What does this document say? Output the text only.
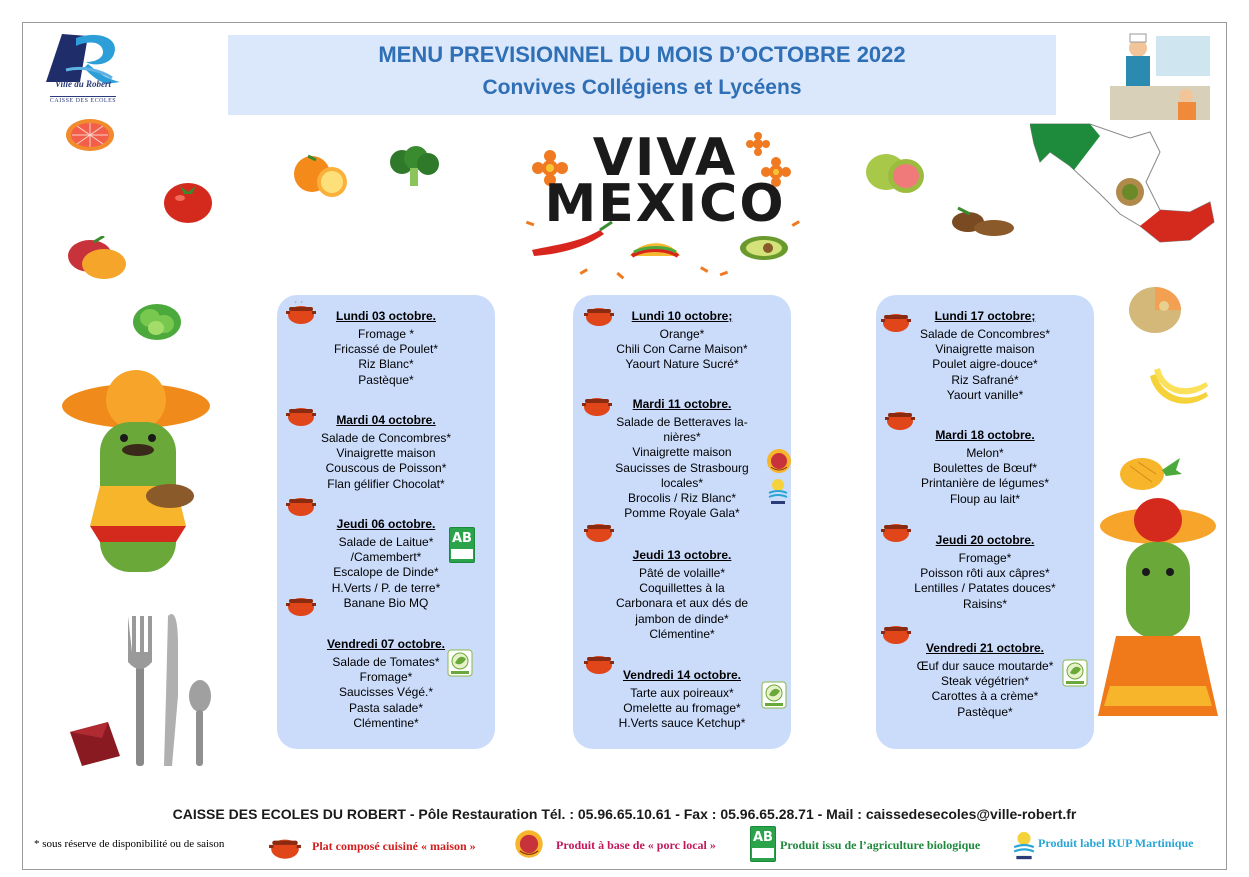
Ville du Robert
CAISSE DES ECOLES
MENU PREVISIONNEL DU MOIS D’OCTOBRE 2022
Convives Collégiens et Lycéens
VIVA
MEXICO
Lundi 03 octobre.
Fromage *
Fricassé de Poulet*
Riz Blanc*
Pastèque*
Mardi 04 octobre.
Salade de Concombres*
Vinaigrette maison
Couscous de Poisson*
Flan gélifier Chocolat*
Jeudi 06 octobre.
Salade de Laitue*
/Camembert*
Escalope de Dinde*
H.Verts / P. de terre*
Banane Bio MQ
AB
Vendredi 07 octobre.
Salade de Tomates*
Fromage*
Saucisses Végé.*
Pasta salade*
Clémentine*
Lundi 10 octobre;
Orange*
Chili Con Carne Maison*
Yaourt Nature Sucré*
Mardi 11 octobre.
Salade de Betteraves la-
nières*
Vinaigrette maison
Saucisses de Strasbourg
locales*
Brocolis / Riz Blanc*
Pomme Royale Gala*
Jeudi 13 octobre.
Pâté de volaille*
Coquillettes à la
Carbonara et aux dés de
jambon de dinde*
Clémentine*
Vendredi 14 octobre.
Tarte aux poireaux*
Omelette au fromage*
H.Verts sauce Ketchup*
Lundi 17 octobre;
Salade de Concombres*
Vinaigrette maison
Poulet aigre-douce*
Riz Safrané*
Yaourt vanille*
Mardi 18 octobre.
Melon*
Boulettes de Bœuf*
Printanière de légumes*
Floup au lait*
Jeudi 20 octobre.
Fromage*
Poisson rôti aux câpres*
Lentilles / Patates douces*
Raisins*
Vendredi 21 octobre.
Œuf dur sauce moutarde*
Steak végétrien*
Carottes à a crème*
Pastèque*
CAISSE DES ECOLES DU ROBERT - Pôle Restauration Tél. : 05.96.65.10.61 - Fax : 05.96.65.28.71 - Mail : caissedesecoles@ville-robert.fr
* sous réserve de disponibilité ou de saison	Plat composé cuisiné « maison »	Produit à base de « porc local »	AB Produit issu de l’agriculture biologique	Produit label RUP Martinique
